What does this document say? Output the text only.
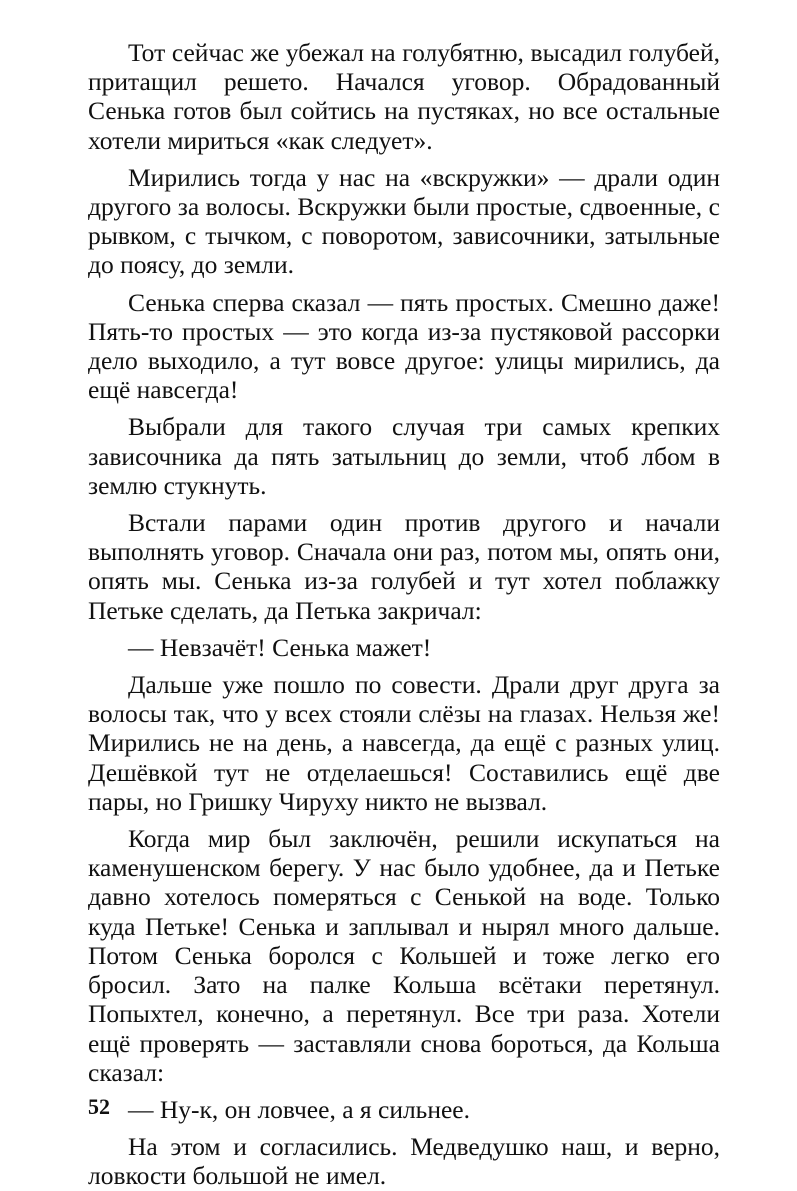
Тот сейчас же убежал на голубятню, высадил голубей, притащил решето. Начался уговор. Обрадованный Сенька готов был сойтись на пустяках, но все остальные хотели мириться «как следует».

Мирились тогда у нас на «вскружки» — драли один другого за волосы. Вскружки были простые, сдвоенные, с рывком, с тычком, с поворотом, зависочники, затыльные до поясу, до земли.

Сенька сперва сказал — пять простых. Смешно даже! Пять-то простых — это когда из-за пустяковой рассорки дело выходило, а тут вовсе другое: улицы мирились, да ещё навсегда!

Выбрали для такого случая три самых крепких зависочника да пять затыльниц до земли, чтоб лбом в землю стукнуть.

Встали парами один против другого и начали выполнять уговор. Сначала они раз, потом мы, опять они, опять мы. Сенька из-за голубей и тут хотел поблажку Петьке сделать, да Петька закричал:

— Невзачёт! Сенька мажет!

Дальше уже пошло по совести. Драли друг друга за волосы так, что у всех стояли слёзы на глазах. Нельзя же! Мирились не на день, а навсегда, да ещё с разных улиц. Дешёвкой тут не отделаешься! Составились ещё две пары, но Гришку Чируху никто не вызвал.

Когда мир был заключён, решили искупаться на каменушенском берегу. У нас было удобнее, да и Петьке давно хотелось померяться с Сенькой на воде. Только куда Петьке! Сенька и заплывал и нырял много дальше. Потом Сенька боролся с Кольшей и тоже легко его бросил. Зато на палке Кольша всётаки перетянул. Попыхтел, конечно, а перетянул. Все три раза. Хотели ещё проверять — заставляли снова бороться, да Кольша сказал:

— Ну-к, он ловчее, а я сильнее.

На этом и согласились. Медведушко наш, и верно, ловкости большой не имел.

52
